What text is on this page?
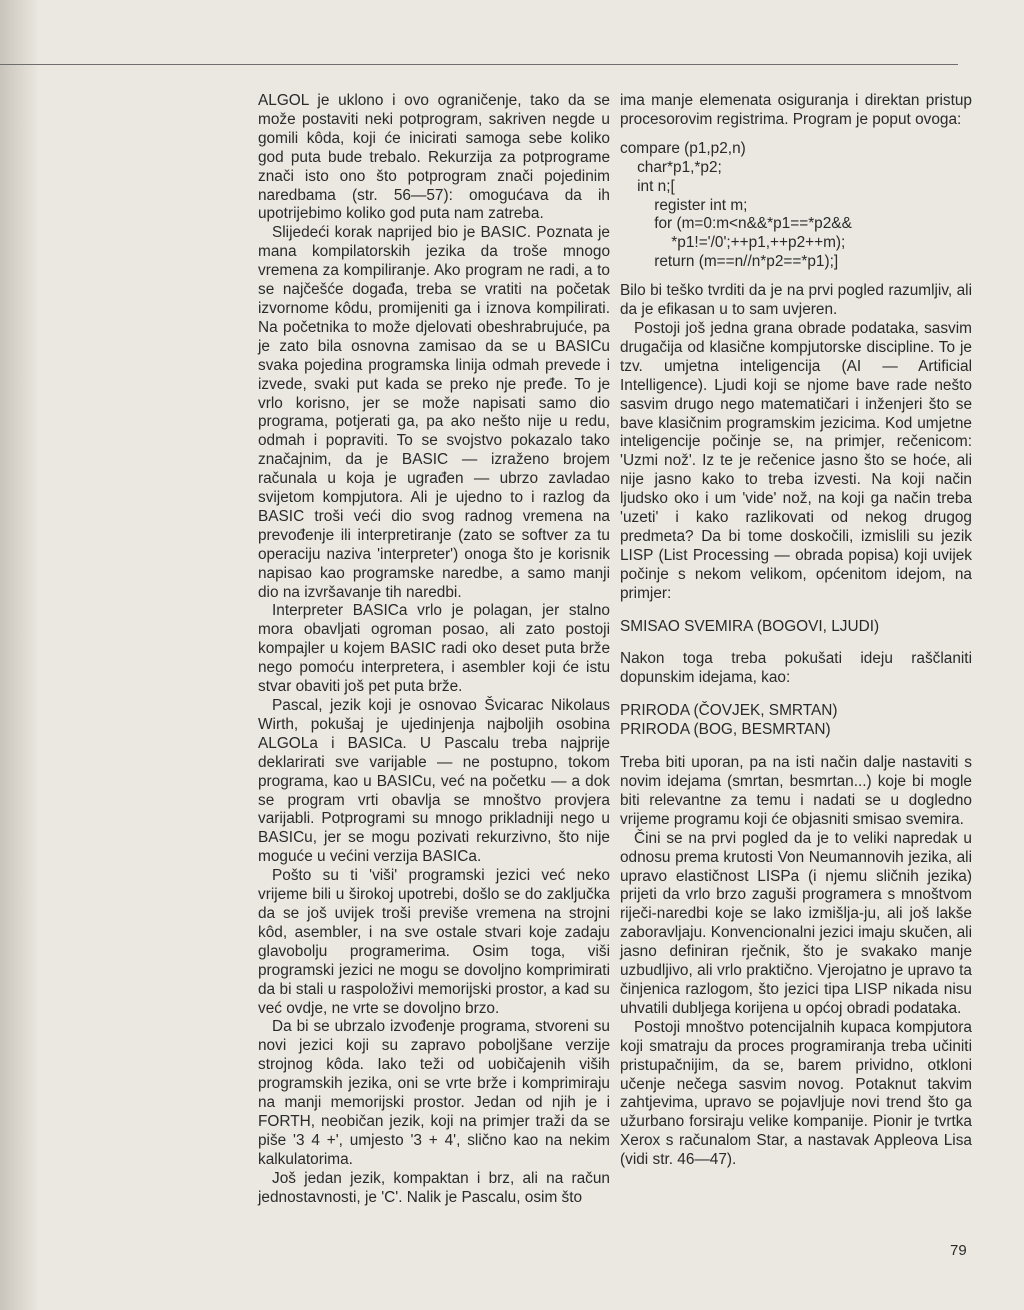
ALGOL je uklono i ovo ograničenje, tako da se može postaviti neki potprogram, sakriven negde u gomili kôda, koji će inicirati samoga sebe koliko god puta bude trebalo. Rekurzija za potprograme znači isto ono što potprogram znači pojedinim naredbama (str. 56—57): omogućava da ih upotrijebimo koliko god puta nam zatreba.

Slijedeći korak naprijed bio je BASIC. Poznata je mana kompilatorskih jezika da troše mnogo vremena za kompiliranje. Ako program ne radi, a to se najčešće događa, treba se vratiti na početak izvornome kôdu, promijeniti ga i iznova kompilirati. Na početnika to može djelovati obeshrabrujuće, pa je zato bila osnovna zamisao da se u BASICu svaka pojedina programska linija odmah prevede i izvede, svaki put kada se preko nje pređe. To je vrlo korisno, jer se može napisati samo dio programa, potjerati ga, pa ako nešto nije u redu, odmah i popraviti. To se svojstvo pokazalo tako značajnim, da je BASIC — izraženo brojem računala u koja je ugrađen — ubrzo zavladao svijetom kompjutora. Ali je ujedno to i razlog da BASIC troši veći dio svog radnog vremena na prevođenje ili interpretiranje (zato se softver za tu operaciju naziva 'interpreter') onoga što je korisnik napisao kao programske naredbe, a samo manji dio na izvršavanje tih naredbi.

Interpreter BASICa vrlo je polagan, jer stalno mora obavljati ogroman posao, ali zato postoji kompajler u kojem BASIC radi oko deset puta brže nego pomoću interpretera, i asembler koji će istu stvar obaviti još pet puta brže.

Pascal, jezik koji je osnovao Švicarac Nikolaus Wirth, pokušaj je ujedinjenja najboljih osobina ALGOLa i BASICa. U Pascalu treba najprije deklarirati sve varijable — ne postupno, tokom programa, kao u BASICu, već na početku — a dok se program vrti obavlja se mnoštvo provjera varijabli. Potprogrami su mnogo prikladniji nego u BASICu, jer se mogu pozivati rekurzivno, što nije moguće u većini verzija BASICa.

Pošto su ti 'viši' programski jezici već neko vrijeme bili u širokoj upotrebi, došlo se do zaključka da se još uvijek troši previše vremena na strojni kôd, asembler, i na sve ostale stvari koje zadaju glavobolju programerima. Osim toga, viši programski jezici ne mogu se dovoljno komprimirati da bi stali u raspoloživi memorijski prostor, a kad su već ovdje, ne vrte se dovoljno brzo.

Da bi se ubrzalo izvođenje programa, stvoreni su novi jezici koji su zapravo poboljšane verzije strojnog kôda. Iako teži od uobičajenih viših programskih jezika, oni se vrte brže i komprimiraju na manji memorijski prostor. Jedan od njih je i FORTH, neobičan jezik, koji na primjer traži da se piše '3 4 +', umjesto '3 + 4', slično kao na nekim kalkulatorima.

Još jedan jezik, kompaktan i brz, ali na račun jednostavnosti, je 'C'. Nalik je Pascalu, osim što

ima manje elemenata osiguranja i direktan pristup procesorovim registrima. Program je poput ovoga:

compare (p1,p2,n)
char*p1,*p2;
int n;[
register int m;
for (m=0:m<n&&*p1==*p2&&
*p1!='/0';++p1,++p2++m);
return (m==n//n*p2==*p1);]

Bilo bi teško tvrditi da je na prvi pogled razumljiv, ali da je efikasan u to sam uvjeren.

Postoji još jedna grana obrade podataka, sasvim drugačija od klasične kompjutorske discipline. To je tzv. umjetna inteligencija (AI — Artificial Intelligence). Ljudi koji se njome bave rade nešto sasvim drugo nego matematičari i inženjeri što se bave klasičnim programskim jezicima. Kod umjetne inteligencije počinje se, na primjer, rečenicom: 'Uzmi nož'. Iz te je rečenice jasno što se hoće, ali nije jasno kako to treba izvesti. Na koji način ljudsko oko i um 'vide' nož, na koji ga način treba 'uzeti' i kako razlikovati od nekog drugog predmeta? Da bi tome doskočili, izmislili su jezik LISP (List Processing — obrada popisa) koji uvijek počinje s nekom velikom, općenitom idejom, na primjer:

SMISAO SVEMIRA (BOGOVI, LJUDI)

Nakon toga treba pokušati ideju raščlaniti dopunskim idejama, kao:

PRIRODA (ČOVJEK, SMRTAN)

PRIRODA (BOG, BESMRTAN)

Treba biti uporan, pa na isti način dalje nastaviti s novim idejama (smrtan, besmrtan...) koje bi mogle biti relevantne za temu i nadati se u dogledno vrijeme programu koji će objasniti smisao svemira.

Čini se na prvi pogled da je to veliki napredak u odnosu prema krutosti Von Neumannovih jezika, ali upravo elastičnost LISPa (i njemu sličnih jezika) prijeti da vrlo brzo zaguši programera s mnoštvom riječi-naredbi koje se lako izmišlja-ju, ali još lakše zaboravljaju. Konvencionalni jezici imaju skučen, ali jasno definiran rječnik, što je svakako manje uzbudljivo, ali vrlo praktično. Vjerojatno je upravo ta činjenica razlogom, što jezici tipa LISP nikada nisu uhvatili dubljega korijena u općoj obradi podataka.

Postoji mnoštvo potencijalnih kupaca kompjutora koji smatraju da proces programiranja treba učiniti pristupačnijim, da se, barem prividno, otkloni učenje nečega sasvim novog. Potaknut takvim zahtjevima, upravo se pojavljuje novi trend što ga užurbano forsiraju velike kompanije. Pionir je tvrtka Xerox s računalom Star, a nastavak Appleova Lisa (vidi str. 46—47).

79
